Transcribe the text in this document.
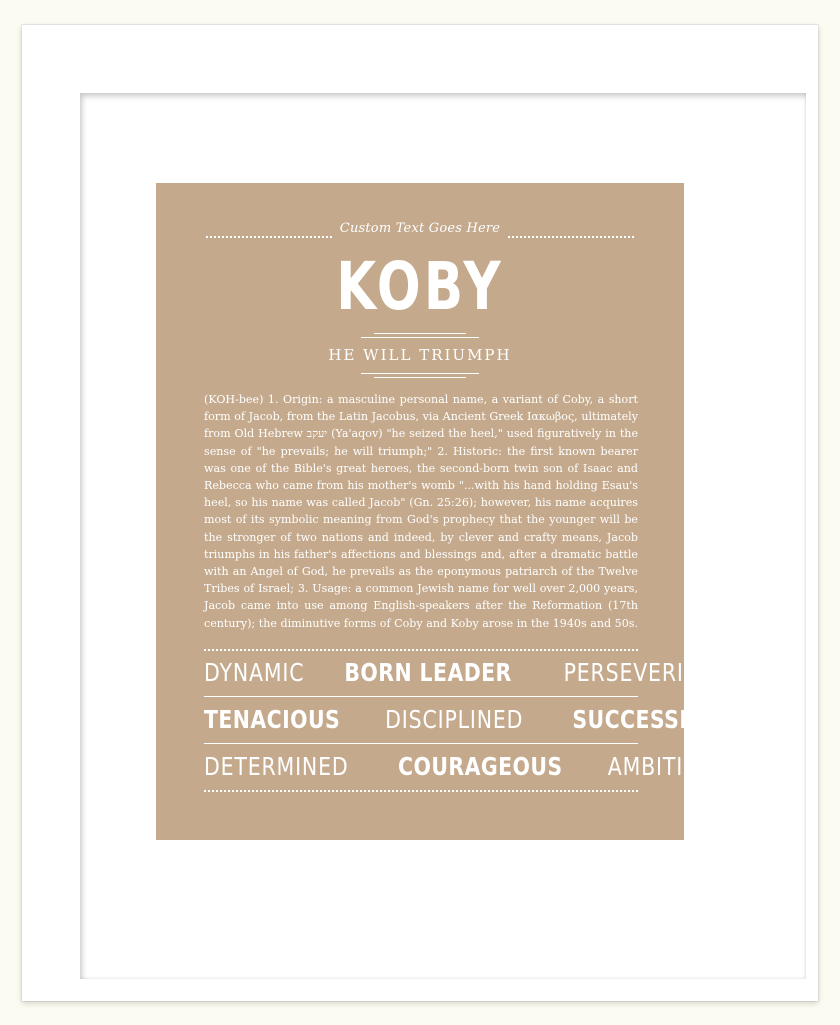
Custom Text Goes Here
KOBY
HE WILL TRIUMPH
(KOH-bee) 1. Origin: a masculine personal name, a variant of Coby, a short
form of Jacob, from the Latin Jacobus, via Ancient Greek Ιακωβος, ultimately
from Old Hebrew יעקב (Ya'aqov) "he seized the heel," used figuratively in the
sense of "he prevails; he will triumph;" 2. Historic: the first known bearer
was one of the Bible's great heroes, the second-born twin son of Isaac and
Rebecca who came from his mother's womb "...with his hand holding Esau's
heel, so his name was called Jacob" (Gn. 25:26); however, his name acquires
most of its symbolic meaning from God's prophecy that the younger will be
the stronger of two nations and indeed, by clever and crafty means, Jacob
triumphs in his father's affections and blessings and, after a dramatic battle
with an Angel of God, he prevails as the eponymous patriarch of the Twelve
Tribes of Israel; 3. Usage: a common Jewish name for well over 2,000 years,
Jacob came into use among English-speakers after the Reformation (17th
century); the diminutive forms of Coby and Koby arose in the 1940s and 50s.
DYNAMIC BORN LEADER PERSEVERING
TENACIOUS DISCIPLINED SUCCESSFUL
DETERMINED COURAGEOUS AMBITIOUS
